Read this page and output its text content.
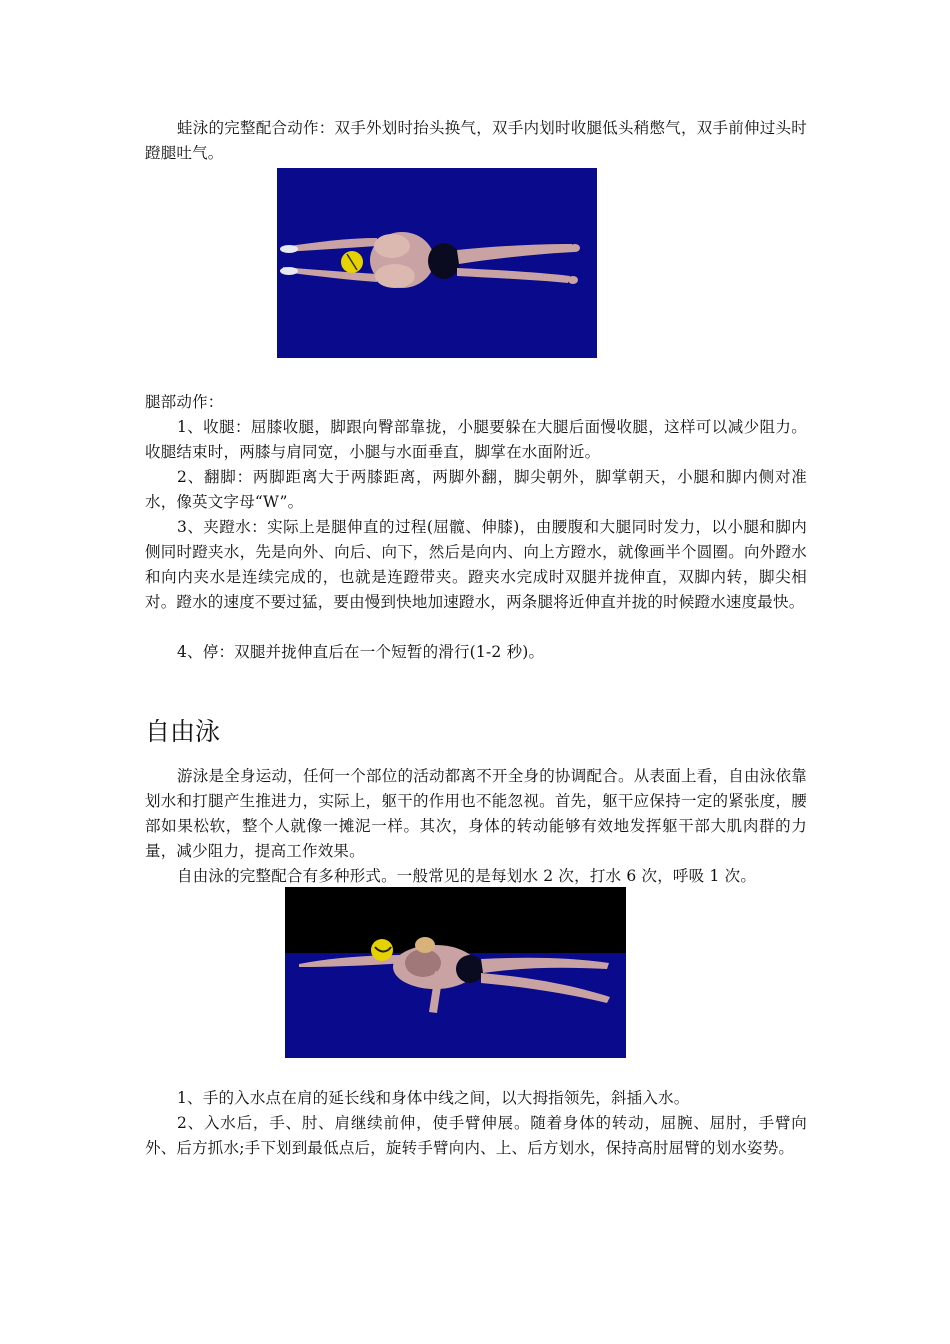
蛙泳的完整配合动作：双手外划时抬头换气，双手内划时收腿低头稍憋气，双手前伸过头时蹬腿吐气。

腿部动作：

1、收腿：屈膝收腿，脚跟向臀部靠拢，小腿要躲在大腿后面慢收腿，这样可以减少阻力。收腿结束时，两膝与肩同宽，小腿与水面垂直，脚掌在水面附近。

2、翻脚：两脚距离大于两膝距离，两脚外翻，脚尖朝外，脚掌朝天，小腿和脚内侧对准水，像英文字母“W”。

3、夹蹬水：实际上是腿伸直的过程(屈髋、伸膝)，由腰腹和大腿同时发力，以小腿和脚内侧同时蹬夹水，先是向外、向后、向下，然后是向内、向上方蹬水，就像画半个圆圈。向外蹬水和向内夹水是连续完成的，也就是连蹬带夹。蹬夹水完成时双腿并拢伸直，双脚内转，脚尖相对。蹬水的速度不要过猛，要由慢到快地加速蹬水，两条腿将近伸直并拢的时候蹬水速度最快。

4、停：双腿并拢伸直后在一个短暂的滑行(1-2 秒)。

自由泳

游泳是全身运动，任何一个部位的活动都离不开全身的协调配合。从表面上看，自由泳依靠划水和打腿产生推进力，实际上，躯干的作用也不能忽视。首先，躯干应保持一定的紧张度，腰部如果松软，整个人就像一摊泥一样。其次，身体的转动能够有效地发挥躯干部大肌肉群的力量，减少阻力，提高工作效果。

自由泳的完整配合有多种形式。一般常见的是每划水 2 次，打水 6 次，呼吸 1 次。

1、手的入水点在肩的延长线和身体中线之间，以大拇指领先，斜插入水。

2、入水后，手、肘、肩继续前伸，使手臂伸展。随着身体的转动，屈腕、屈肘，手臂向外、后方抓水;手下划到最低点后，旋转手臂向内、上、后方划水，保持高肘屈臂的划水姿势。
